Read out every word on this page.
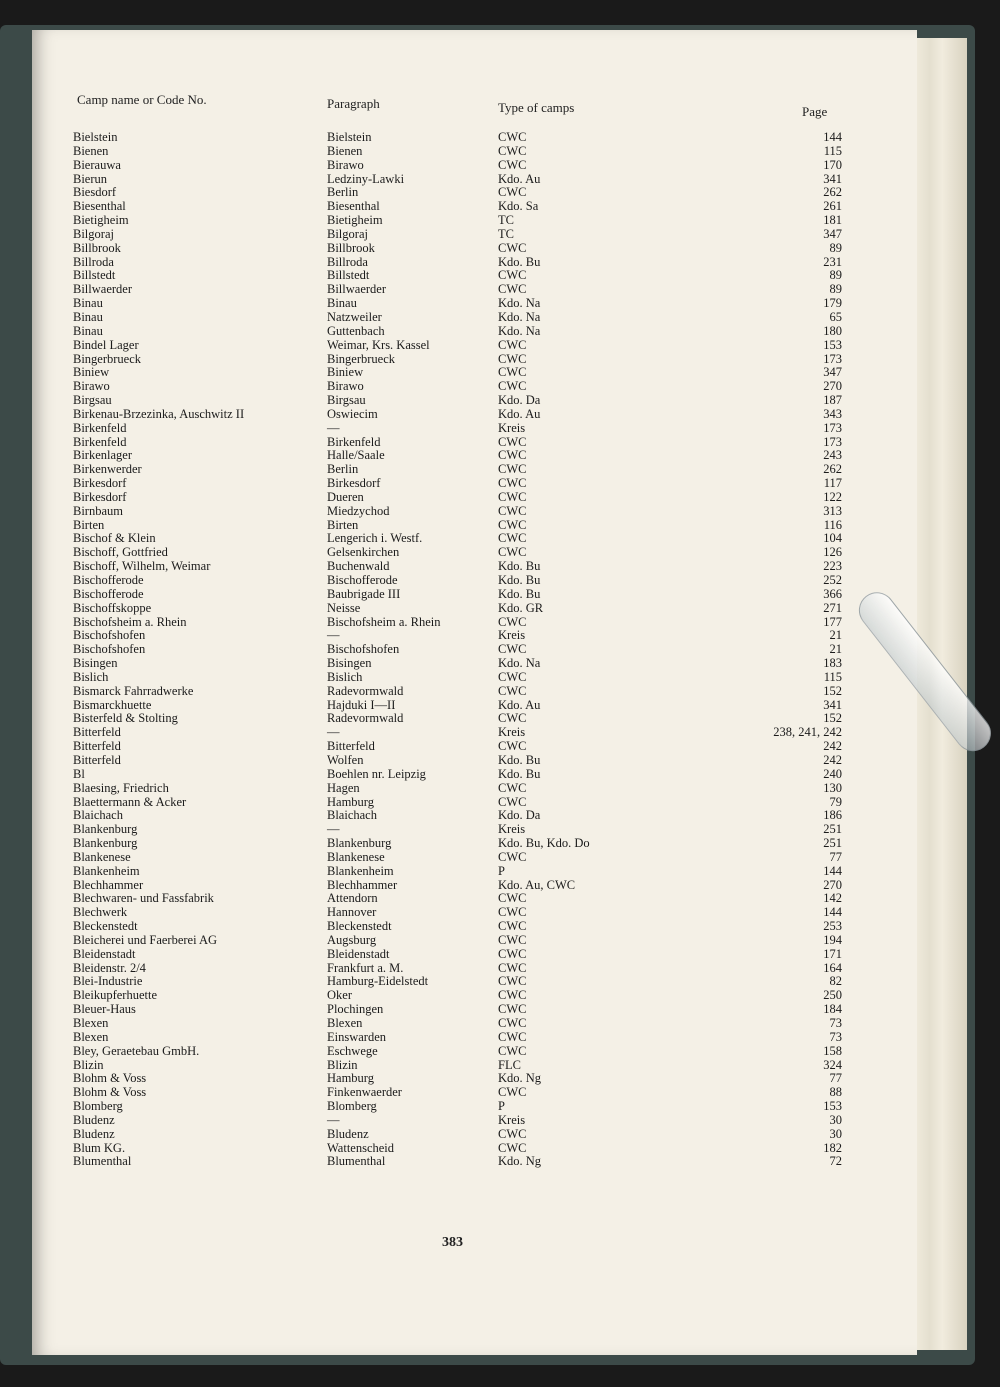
Camp name or Code No.	Paragraph	Type of camps	Page
Bielstein	Bielstein	CWC	144
Bienen	Bienen	CWC	115
Bierauwa	Birawo	CWC	170
Bierun	Ledziny-Lawki	Kdo. Au	341
Biesdorf	Berlin	CWC	262
Biesenthal	Biesenthal	Kdo. Sa	261
Bietigheim	Bietigheim	TC	181
Bilgoraj	Bilgoraj	TC	347
Billbrook	Billbrook	CWC	89
Billroda	Billroda	Kdo. Bu	231
Billstedt	Billstedt	CWC	89
Billwaerder	Billwaerder	CWC	89
Binau	Binau	Kdo. Na	179
Binau	Natzweiler	Kdo. Na	65
Binau	Guttenbach	Kdo. Na	180
Bindel Lager	Weimar, Krs. Kassel	CWC	153
Bingerbrueck	Bingerbrueck	CWC	173
Biniew	Biniew	CWC	347
Birawo	Birawo	CWC	270
Birgsau	Birgsau	Kdo. Da	187
Birkenau-Brzezinka, Auschwitz II	Oswiecim	Kdo. Au	343
Birkenfeld	—	Kreis	173
Birkenfeld	Birkenfeld	CWC	173
Birkenlager	Halle/Saale	CWC	243
Birkenwerder	Berlin	CWC	262
Birkesdorf	Birkesdorf	CWC	117
Birkesdorf	Dueren	CWC	122
Birnbaum	Miedzychod	CWC	313
Birten	Birten	CWC	116
Bischof & Klein	Lengerich i. Westf.	CWC	104
Bischoff, Gottfried	Gelsenkirchen	CWC	126
Bischoff, Wilhelm, Weimar	Buchenwald	Kdo. Bu	223
Bischofferode	Bischofferode	Kdo. Bu	252
Bischofferode	Baubrigade III	Kdo. Bu	366
Bischoffskoppe	Neisse	Kdo. GR	271
Bischofsheim a. Rhein	Bischofsheim a. Rhein	CWC	177
Bischofshofen	—	Kreis	21
Bischofshofen	Bischofshofen	CWC	21
Bisingen	Bisingen	Kdo. Na	183
Bislich	Bislich	CWC	115
Bismarck Fahrradwerke	Radevormwald	CWC	152
Bismarckhuette	Hajduki I—II	Kdo. Au	341
Bisterfeld & Stolting	Radevormwald	CWC	152
Bitterfeld	—	Kreis	238, 241, 242
Bitterfeld	Bitterfeld	CWC	242
Bitterfeld	Wolfen	Kdo. Bu	242
Bl	Boehlen nr. Leipzig	Kdo. Bu	240
Blaesing, Friedrich	Hagen	CWC	130
Blaettermann & Acker	Hamburg	CWC	79
Blaichach	Blaichach	Kdo. Da	186
Blankenburg	—	Kreis	251
Blankenburg	Blankenburg	Kdo. Bu, Kdo. Do	251
Blankenese	Blankenese	CWC	77
Blankenheim	Blankenheim	P	144
Blechhammer	Blechhammer	Kdo. Au, CWC	270
Blechwaren- und Fassfabrik	Attendorn	CWC	142
Blechwerk	Hannover	CWC	144
Bleckenstedt	Bleckenstedt	CWC	253
Bleicherei und Faerberei AG	Augsburg	CWC	194
Bleidenstadt	Bleidenstadt	CWC	171
Bleidenstr. 2/4	Frankfurt a. M.	CWC	164
Blei-Industrie	Hamburg-Eidelstedt	CWC	82
Bleikupferhuette	Oker	CWC	250
Bleuer-Haus	Plochingen	CWC	184
Blexen	Blexen	CWC	73
Blexen	Einswarden	CWC	73
Bley, Geraetebau GmbH.	Eschwege	CWC	158
Blizin	Blizin	FLC	324
Blohm & Voss	Hamburg	Kdo. Ng	77
Blohm & Voss	Finkenwaerder	CWC	88
Blomberg	Blomberg	P	153
Bludenz	—	Kreis	30
Bludenz	Bludenz	CWC	30
Blum KG.	Wattenscheid	CWC	182
Blumenthal	Blumenthal	Kdo. Ng	72
383
